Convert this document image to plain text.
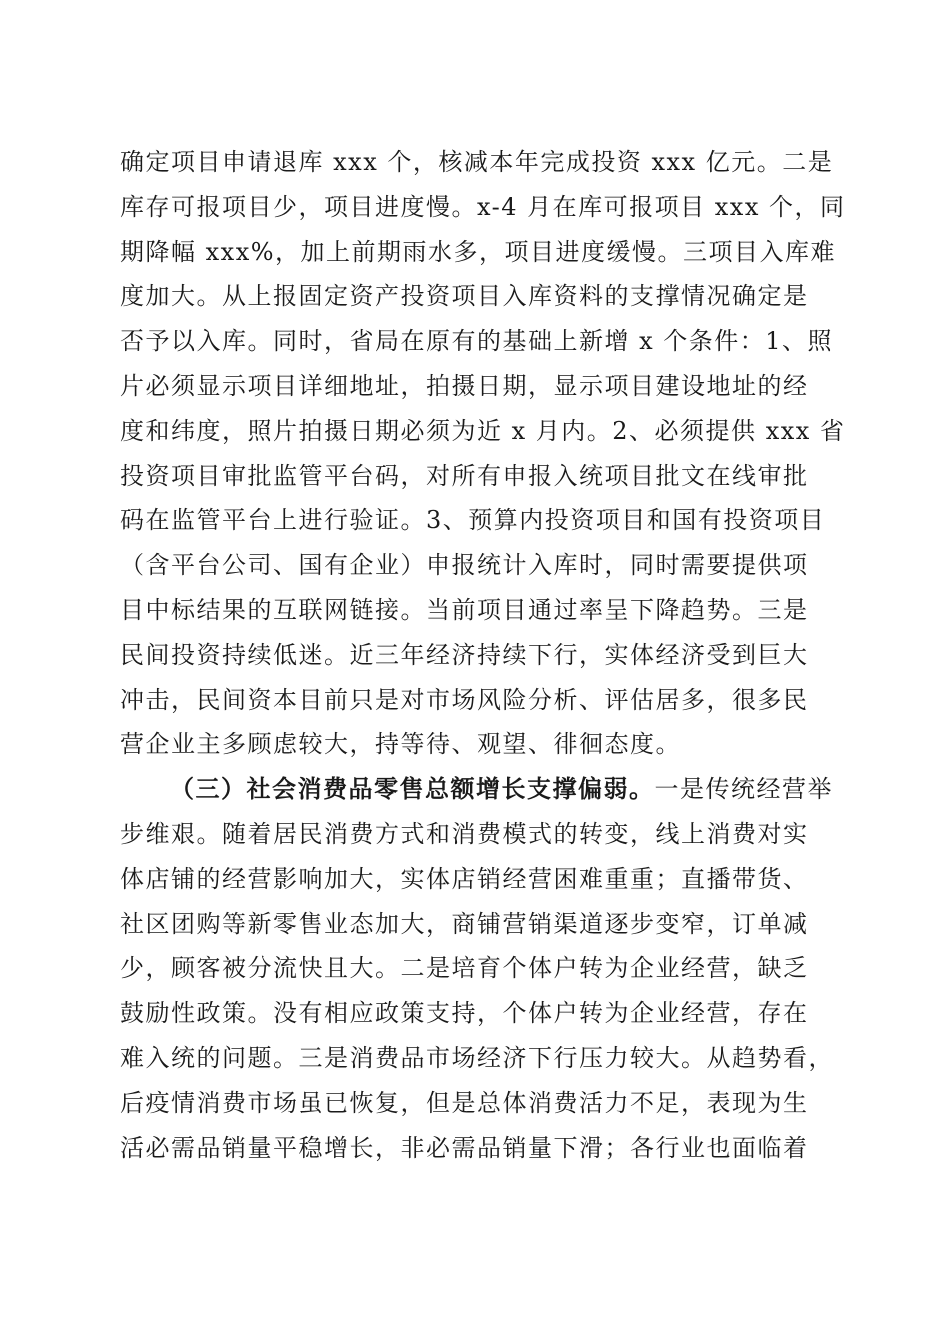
确定项目申请退库 xxx 个，核减本年完成投资 xxx 亿元。二是
库存可报项目少，项目进度慢。x-4 月在库可报项目 xxx 个，同
期降幅 xxx%，加上前期雨水多，项目进度缓慢。三项目入库难
度加大。从上报固定资产投资项目入库资料的支撑情况确定是
否予以入库。同时，省局在原有的基础上新增 x 个条件：1、照
片必须显示项目详细地址，拍摄日期，显示项目建设地址的经
度和纬度，照片拍摄日期必须为近 x 月内。2、必须提供 xxx 省
投资项目审批监管平台码，对所有申报入统项目批文在线审批
码在监管平台上进行验证。3、预算内投资项目和国有投资项目
（含平台公司、国有企业）申报统计入库时，同时需要提供项
目中标结果的互联网链接。当前项目通过率呈下降趋势。三是
民间投资持续低迷。近三年经济持续下行，实体经济受到巨大
冲击，民间资本目前只是对市场风险分析、评估居多，很多民
营企业主多顾虑较大，持等待、观望、徘徊态度。
（三）社会消费品零售总额增长支撑偏弱。一是传统经营举
步维艰。随着居民消费方式和消费模式的转变，线上消费对实
体店铺的经营影响加大，实体店销经营困难重重；直播带货、
社区团购等新零售业态加大，商铺营销渠道逐步变窄，订单减
少，顾客被分流快且大。二是培育个体户转为企业经营，缺乏
鼓励性政策。没有相应政策支持，个体户转为企业经营，存在
难入统的问题。三是消费品市场经济下行压力较大。从趋势看，
后疫情消费市场虽已恢复，但是总体消费活力不足，表现为生
活必需品销量平稳增长，非必需品销量下滑；各行业也面临着
